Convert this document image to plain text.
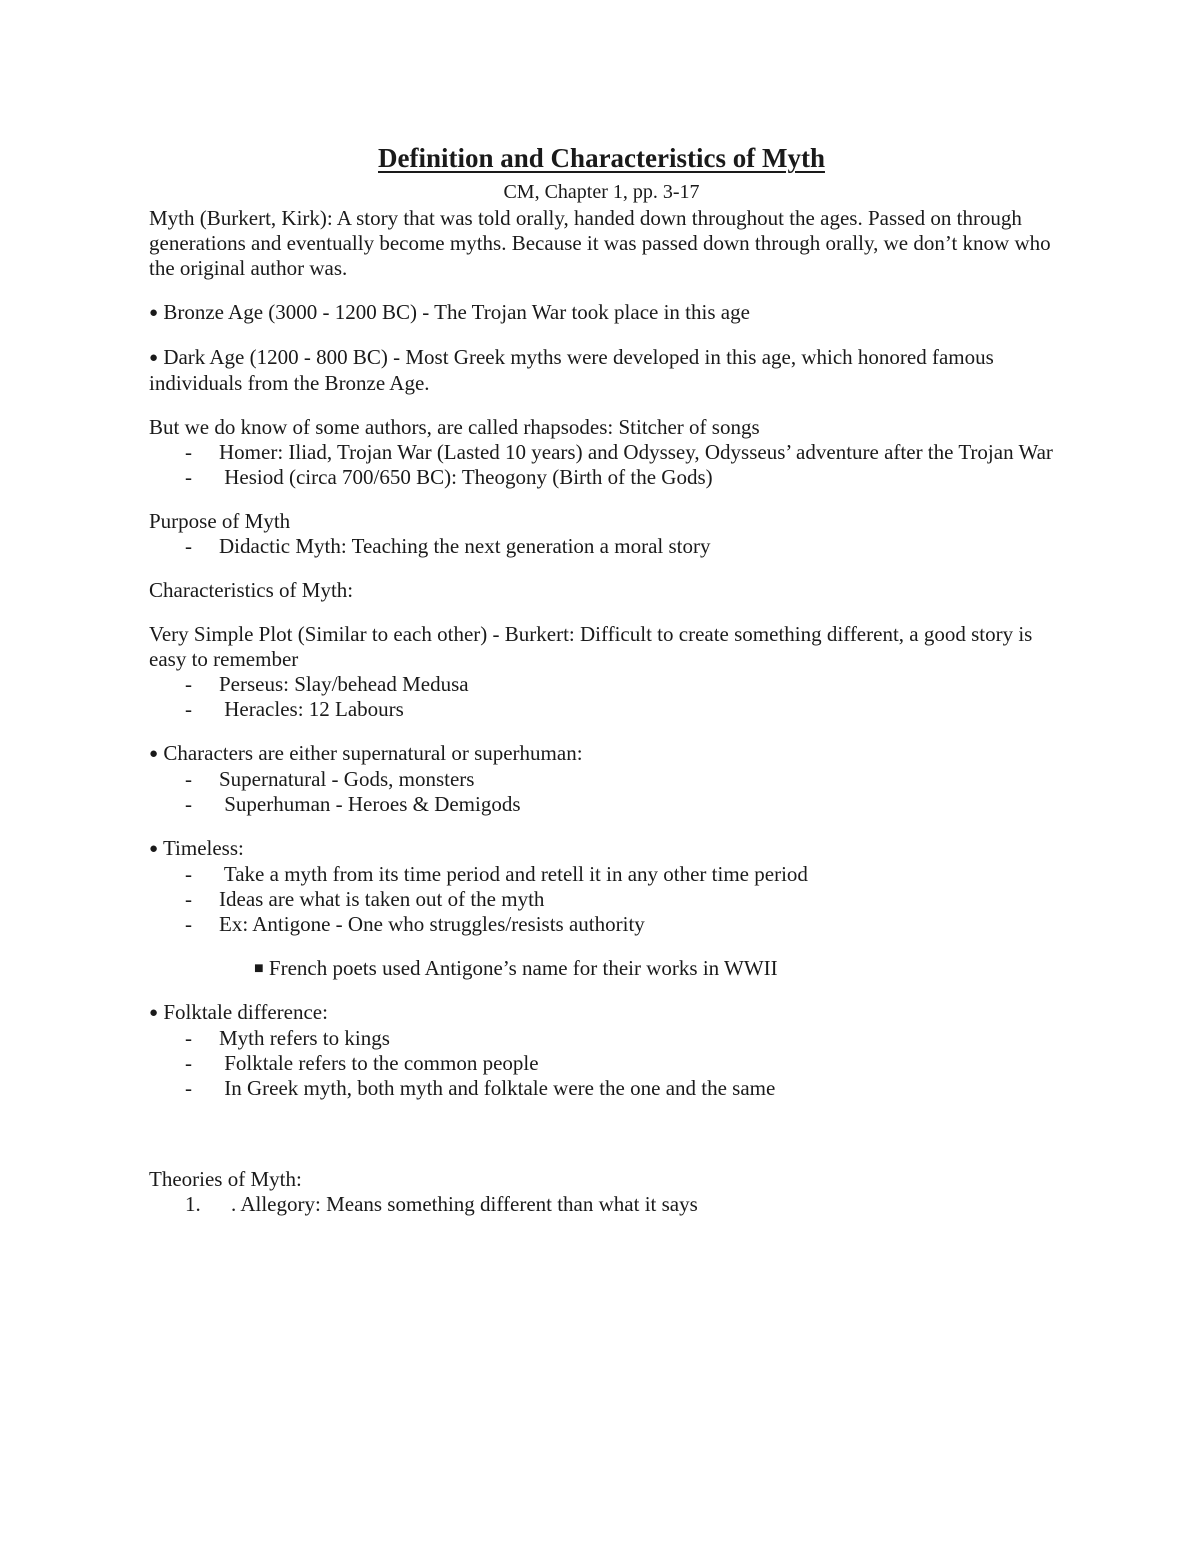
Definition and Characteristics of Myth
CM, Chapter 1, pp. 3-17

Myth (Burkert, Kirk): A story that was told orally, handed down throughout the ages. Passed on through generations and eventually become myths. Because it was passed down through orally, we don’t know who the original author was.

● Bronze Age (3000 - 1200 BC) - The Trojan War took place in this age

● Dark Age (1200 - 800 BC) - Most Greek myths were developed in this age, which honored famous individuals from the Bronze Age.

But we do know of some authors, are called rhapsodes: Stitcher of songs

- Homer: Iliad, Trojan War (Lasted 10 years) and Odyssey, Odysseus’ adventure after the Trojan War
- Hesiod (circa 700/650 BC): Theogony (Birth of the Gods)

Purpose of Myth

- Didactic Myth: Teaching the next generation a moral story

Characteristics of Myth:

Very Simple Plot (Similar to each other) - Burkert: Difficult to create something different, a good story is easy to remember

- Perseus: Slay/behead Medusa
- Heracles: 12 Labours

● Characters are either supernatural or superhuman:

- Supernatural - Gods, monsters
- Superhuman - Heroes & Demigods

● Timeless:

- Take a myth from its time period and retell it in any other time period
- Ideas are what is taken out of the myth
- Ex: Antigone - One who struggles/resists authority

■ French poets used Antigone’s name for their works in WWII

● Folktale difference:

- Myth refers to kings
- Folktale refers to the common people
- In Greek myth, both myth and folktale were the one and the same

Theories of Myth:

1. . Allegory: Means something different than what it says
